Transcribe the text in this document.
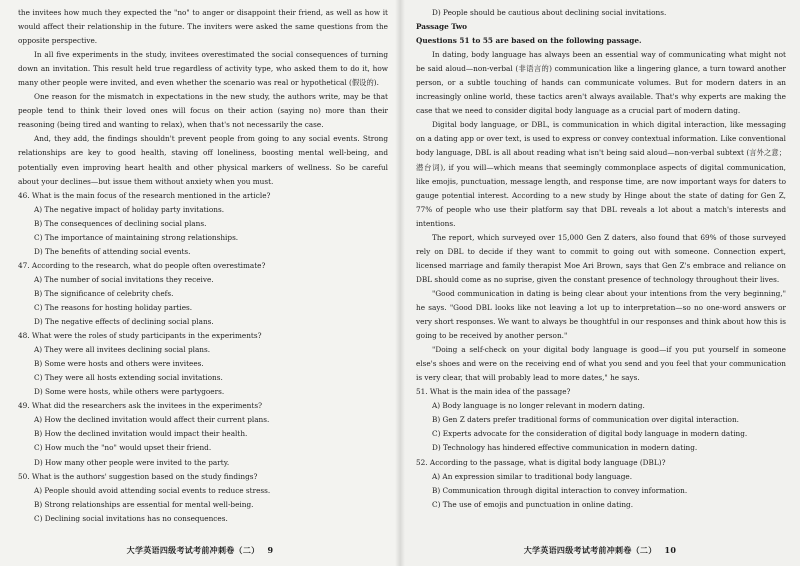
the invitees how much they expected the "no" to anger or disappoint their friend, as well as how it would affect their relationship in the future. The inviters were asked the same questions from the opposite perspective.

In all five experiments in the study, invitees overestimated the social consequences of turning down an invitation. This result held true regardless of activity type, who asked them to do it, how many other people were invited, and even whether the scenario was real or hypothetical (假设的).

One reason for the mismatch in expectations in the new study, the authors write, may be that people tend to think their loved ones will focus on their action (saying no) more than their reasoning (being tired and wanting to relax), when that's not necessarily the case.

And, they add, the findings shouldn't prevent people from going to any social events. Strong relationships are key to good health, staving off loneliness, boosting mental well-being, and potentially even improving heart health and other physical markers of wellness. So be careful about your declines—but issue them without anxiety when you must.

46. What is the main focus of the research mentioned in the article?
A) The negative impact of holiday party invitations.
B) The consequences of declining social plans.
C) The importance of maintaining strong relationships.
D) The benefits of attending social events.
47. According to the research, what do people often overestimate?
A) The number of social invitations they receive.
B) The significance of celebrity chefs.
C) The reasons for hosting holiday parties.
D) The negative effects of declining social plans.
48. What were the roles of study participants in the experiments?
A) They were all invitees declining social plans.
B) Some were hosts and others were invitees.
C) They were all hosts extending social invitations.
D) Some were hosts, while others were partygoers.
49. What did the researchers ask the invitees in the experiments?
A) How the declined invitation would affect their current plans.
B) How the declined invitation would impact their health.
C) How much the "no" would upset their friend.
D) How many other people were invited to the party.
50. What is the authors' suggestion based on the study findings?
A) People should avoid attending social events to reduce stress.
B) Strong relationships are essential for mental well-being.
C) Declining social invitations has no consequences.
大学英语四级考试考前冲刺卷（二） 9
D) People should be cautious about declining social invitations.
Passage Two
Questions 51 to 55 are based on the following passage.

In dating, body language has always been an essential way of communicating what might not be said aloud—non-verbal (非语言的) communication like a lingering glance, a turn toward another person, or a subtle touching of hands can communicate volumes. But for modern daters in an increasingly online world, these tactics aren't always available. That's why experts are making the case that we need to consider digital body language as a crucial part of modern dating.

Digital body language, or DBL, is communication in which digital interaction, like messaging on a dating app or over text, is used to express or convey contextual information. Like conventional body language, DBL is all about reading what isn't being said aloud—non-verbal subtext (言外之意；潜台词), if you will—which means that seemingly commonplace aspects of digital communication, like emojis, punctuation, message length, and response time, are now important ways for daters to gauge potential interest. According to a new study by Hinge about the state of dating for Gen Z, 77% of people who use their platform say that DBL reveals a lot about a match's interests and intentions.

The report, which surveyed over 15,000 Gen Z daters, also found that 69% of those surveyed rely on DBL to decide if they want to commit to going out with someone. Connection expert, licensed marriage and family therapist Moe Ari Brown, says that Gen Z's embrace and reliance on DBL should come as no suprise, given the constant presence of technology throughout their lives.

"Good communication in dating is being clear about your intentions from the very beginning," he says. "Good DBL looks like not leaving a lot up to interpretation—so no one-word answers or very short responses. We want to always be thoughtful in our responses and think about how this is going to be received by another person."

"Doing a self-check on your digital body language is good—if you put yourself in someone else's shoes and were on the receiving end of what you send and you feel that your communication is very clear, that will probably lead to more dates," he says.

51. What is the main idea of the passage?
A) Body language is no longer relevant in modern dating.
B) Gen Z daters prefer traditional forms of communication over digital interaction.
C) Experts advocate for the consideration of digital body language in modern dating.
D) Technology has hindered effective communication in modern dating.
52. According to the passage, what is digital body language (DBL)?
A) An expression similar to traditional body language.
B) Communication through digital interaction to convey information.
C) The use of emojis and punctuation in online dating.
大学英语四级考试考前冲刺卷（二） 10
